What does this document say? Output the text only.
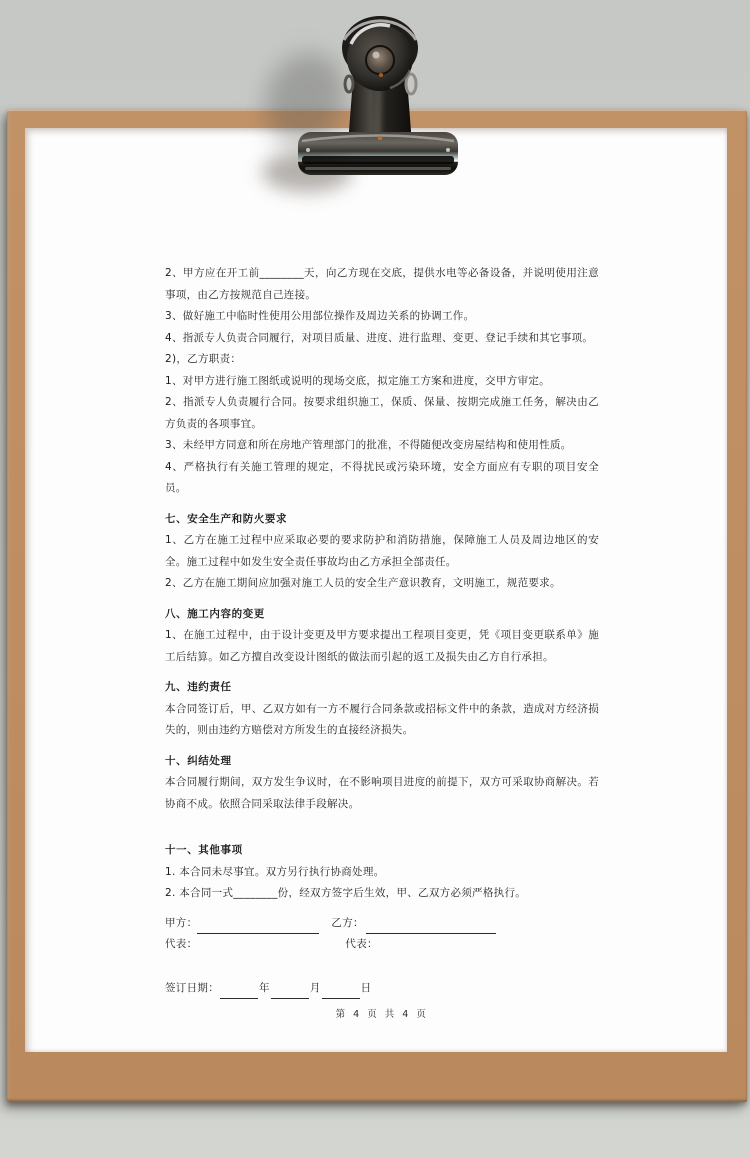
2、甲方应在开工前________天，向乙方现在交底，提供水电等必备设备，并说明使用注意事项，由乙方按规范自己连接。

3、做好施工中临时性使用公用部位操作及周边关系的协调工作。

4、指派专人负责合同履行，对项目质量、进度、进行监理、变更、登记手续和其它事项。

2)，乙方职责：

1、对甲方进行施工图纸或说明的现场交底，拟定施工方案和进度，交甲方审定。

2、指派专人负责履行合同。按要求组织施工，保质、保量、按期完成施工任务，解决由乙方负责的各项事宜。

3、未经甲方同意和所在房地产管理部门的批准，不得随便改变房屋结构和使用性质。

4、严格执行有关施工管理的规定，不得扰民或污染环境，安全方面应有专职的项目安全员。

七、安全生产和防火要求

1、乙方在施工过程中应采取必要的要求防护和消防措施，保障施工人员及周边地区的安全。施工过程中如发生安全责任事故均由乙方承担全部责任。

2、乙方在施工期间应加强对施工人员的安全生产意识教育，文明施工，规范要求。

八、施工内容的变更

1、在施工过程中，由于设计变更及甲方要求提出工程项目变更，凭《项目变更联系单》施工后结算。如乙方擅自改变设计图纸的做法而引起的返工及损失由乙方自行承担。

九、违约责任

本合同签订后，甲、乙双方如有一方不履行合同条款或招标文件中的条款，造成对方经济损失的，则由违约方赔偿对方所发生的直接经济损失。

十、纠结处理

本合同履行期间，双方发生争议时，在不影响项目进度的前提下，双方可采取协商解决。若协商不成。依照合同采取法律手段解决。

十一、其他事项

1. 本合同未尽事宜。双方另行执行协商处理。

2. 本合同一式________份，经双方签字后生效，甲、乙双方必须严格执行。

甲方：	乙方：
代表：	代表：
签订日期：	年	月	日
第 4 页 共 4 页
